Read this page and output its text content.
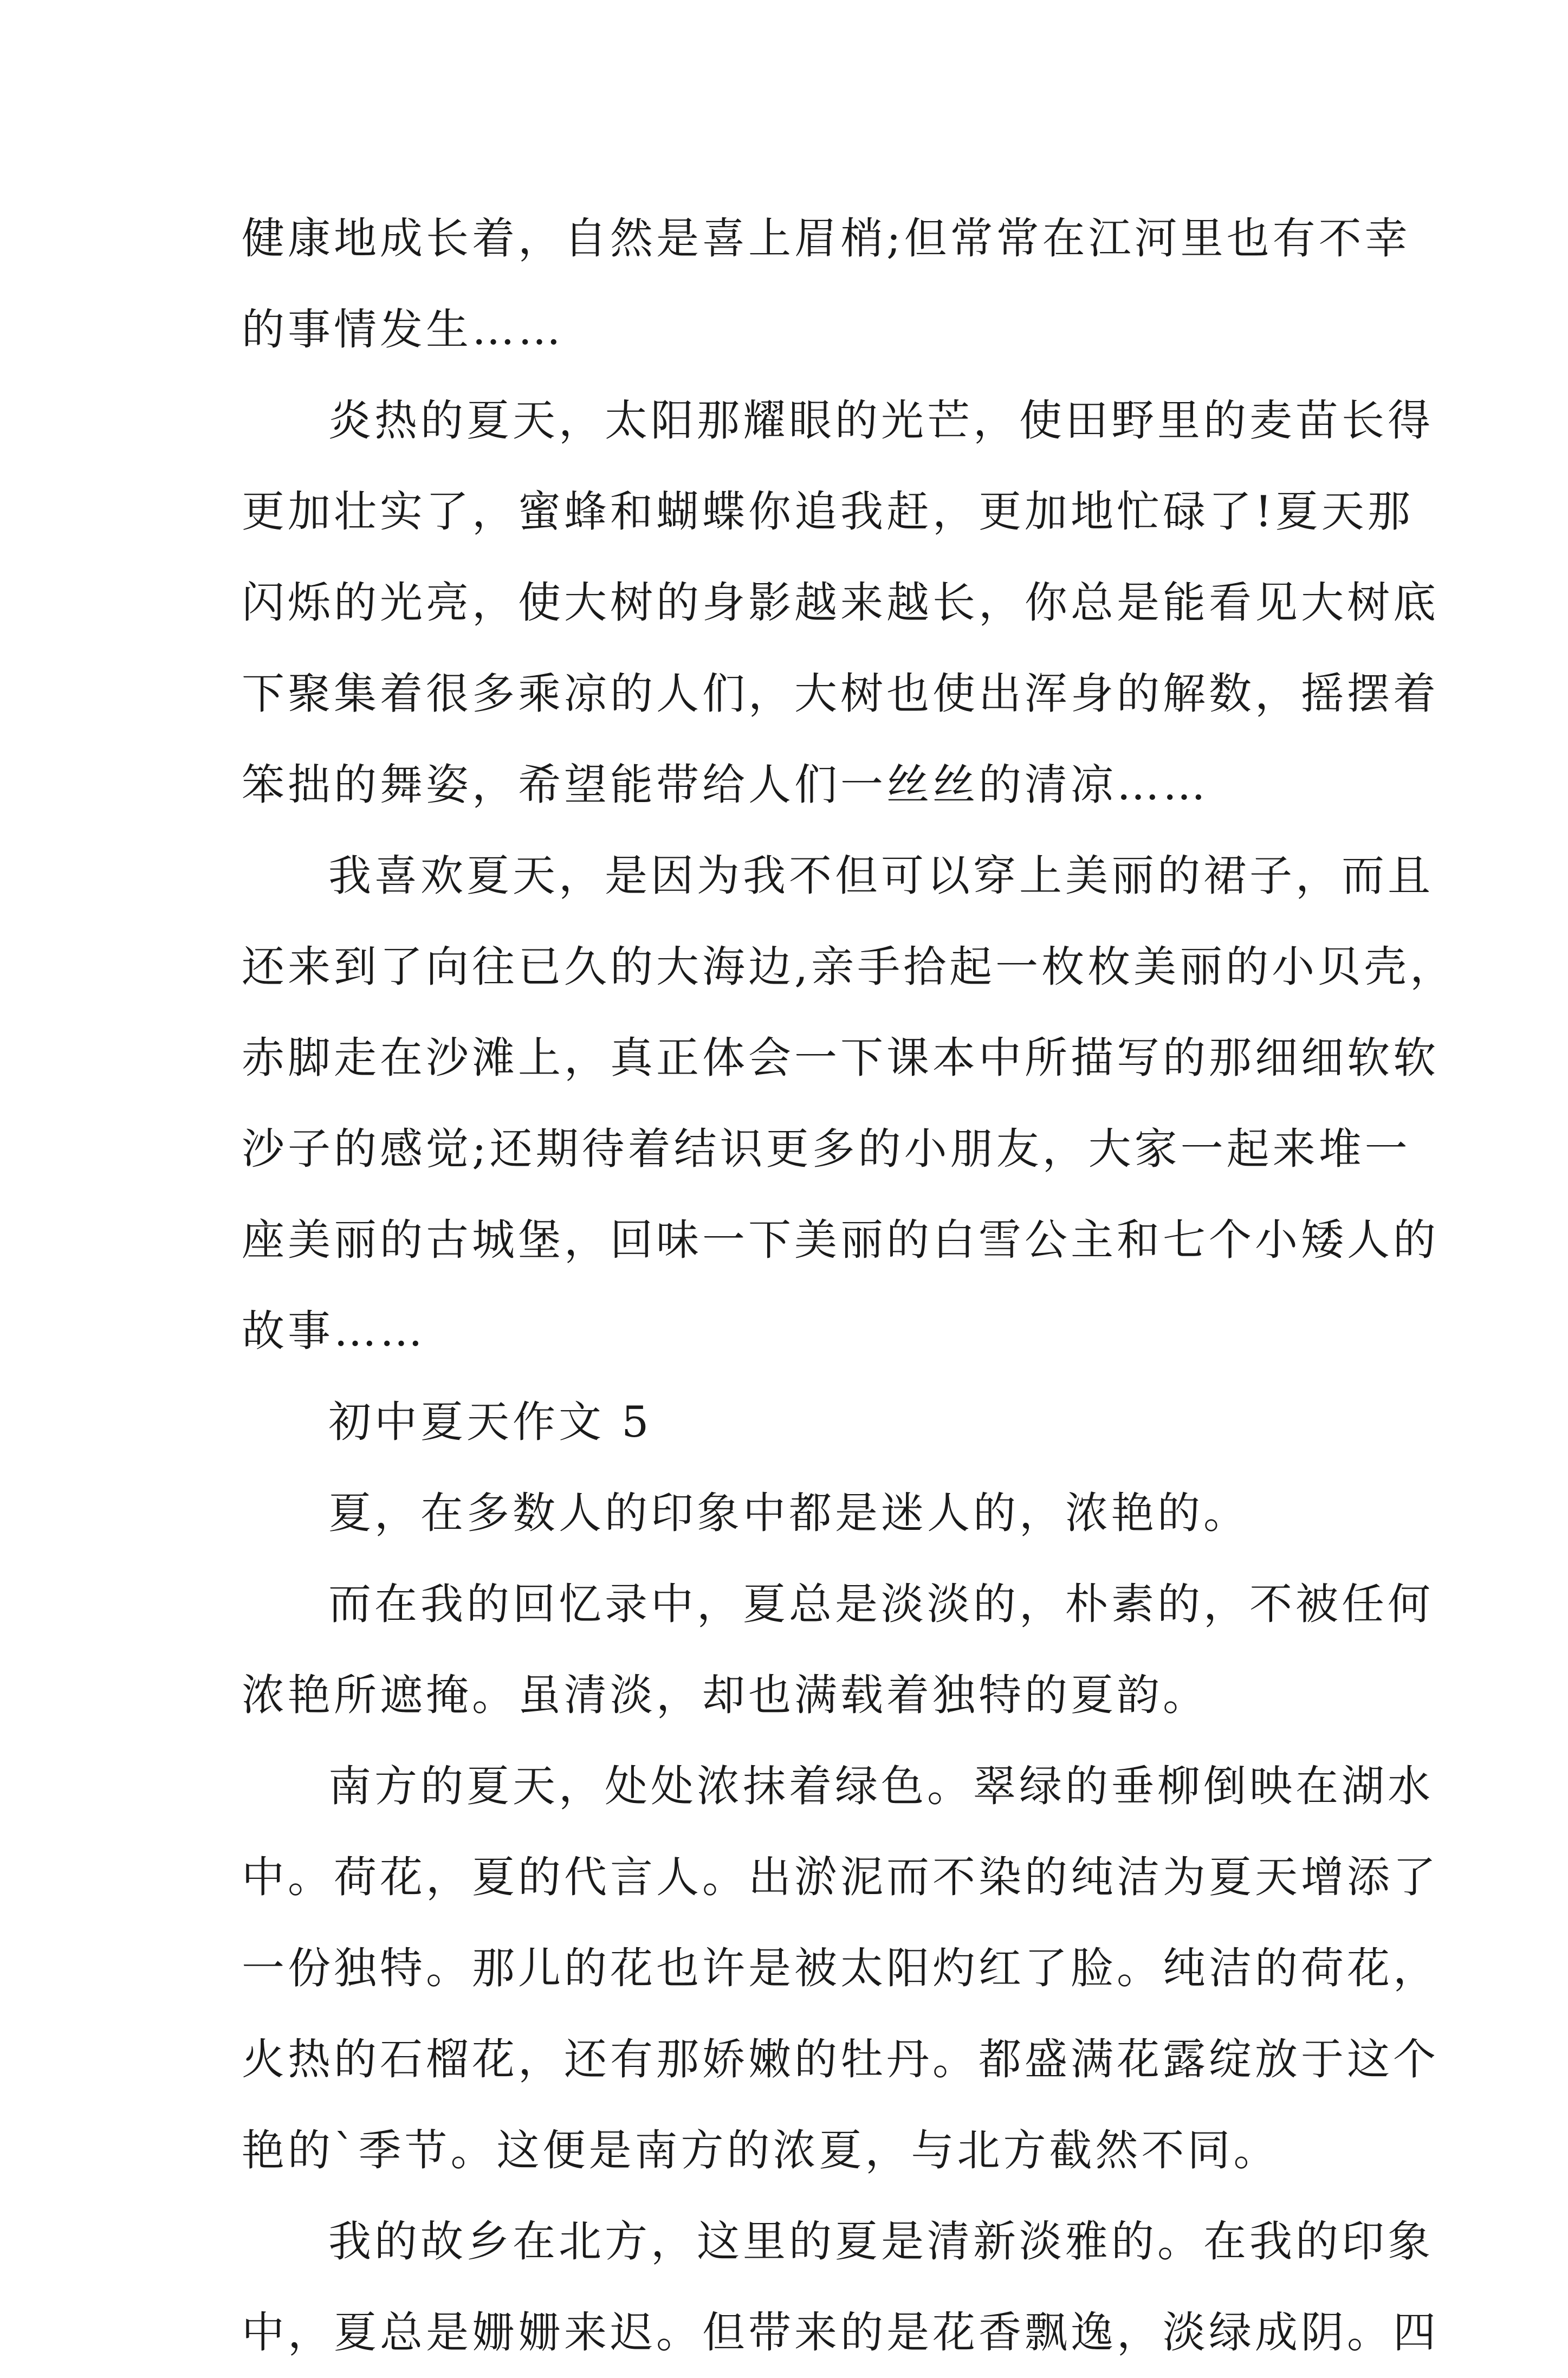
健康地成长着，自然是喜上眉梢;但常常在江河里也有不幸
的事情发生……
炎热的夏天，太阳那耀眼的光芒，使田野里的麦苗长得
更加壮实了，蜜蜂和蝴蝶你追我赶，更加地忙碌了!夏天那
闪烁的光亮，使大树的身影越来越长，你总是能看见大树底
下聚集着很多乘凉的人们，大树也使出浑身的解数，摇摆着
笨拙的舞姿，希望能带给人们一丝丝的清凉……
我喜欢夏天，是因为我不但可以穿上美丽的裙子，而且
还来到了向往已久的大海边,亲手拾起一枚枚美丽的小贝壳，
赤脚走在沙滩上，真正体会一下课本中所描写的那细细软软
沙子的感觉;还期待着结识更多的小朋友，大家一起来堆一
座美丽的古城堡，回味一下美丽的白雪公主和七个小矮人的
故事……
初中夏天作文 5
夏，在多数人的印象中都是迷人的，浓艳的。
而在我的回忆录中，夏总是淡淡的，朴素的，不被任何
浓艳所遮掩。虽清淡，却也满载着独特的夏韵。
南方的夏天，处处浓抹着绿色。翠绿的垂柳倒映在湖水
中。荷花，夏的代言人。出淤泥而不染的纯洁为夏天增添了
一份独特。那儿的花也许是被太阳灼红了脸。纯洁的荷花，
火热的石榴花，还有那娇嫩的牡丹。都盛满花露绽放于这个
艳的`季节。这便是南方的浓夏，与北方截然不同。
我的故乡在北方，这里的夏是清新淡雅的。在我的印象
中，夏总是姗姗来迟。但带来的是花香飘逸，淡绿成阴。四
